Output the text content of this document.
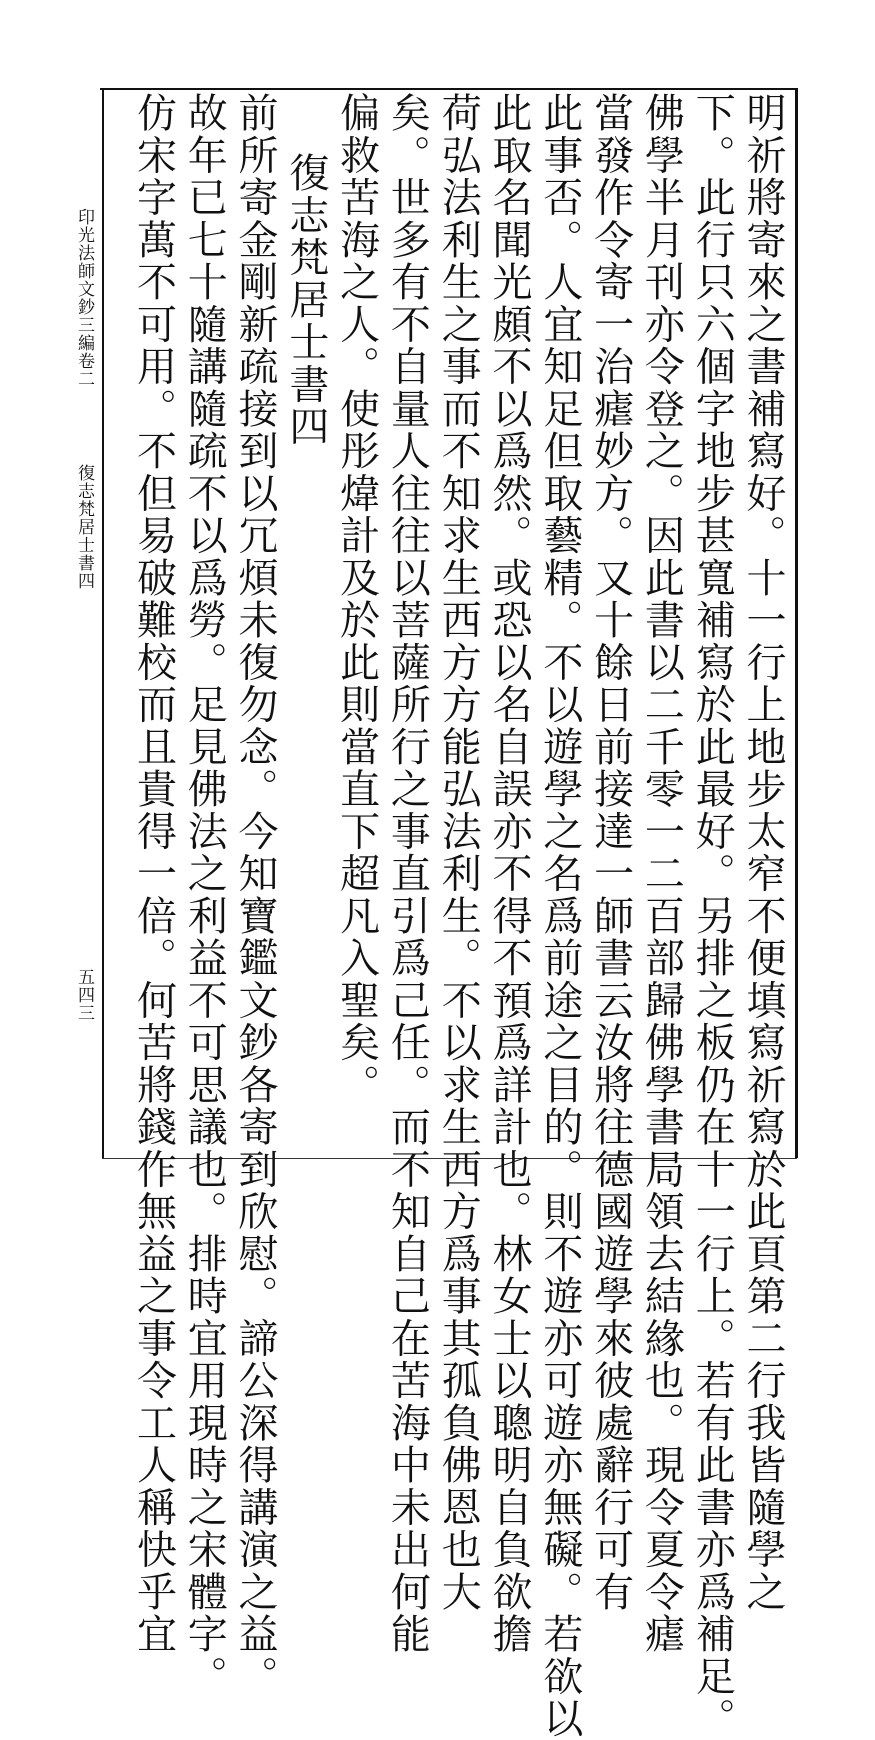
印光法師文鈔三編卷二
復志梵居士書四
五四三	明祈將寄來之書補寫好。十一行上地步太窄不便填寫祈寫於此頁第二行我皆隨學之
下。此行只六個字地步甚寬補寫於此最好。另排之板仍在十一行上。若有此書亦爲補足。
佛學半月刊亦令登之。因此書以二千零一二百部歸佛學書局領去結緣也。現令夏令瘧
當發作令寄一治瘧妙方。又十餘日前接達一師書云汝將往德國遊學來彼處辭行可有
此事否。人宜知足但取藝精。不以遊學之名爲前途之目的。則不遊亦可遊亦無礙。若欲以
此取名聞光頗不以爲然。或恐以名自誤亦不得不預爲詳計也。林女士以聰明自負欲擔
荷弘法利生之事而不知求生西方方能弘法利生。不以求生西方爲事其孤負佛恩也大
矣。世多有不自量人往往以菩薩所行之事直引爲己任。而不知自己在苦海中未出何能
偏救苦海之人。使彤煒計及於此則當直下超凡入聖矣。
復志梵居士書四
前所寄金剛新疏接到以冗煩未復勿念。今知寶鑑文鈔各寄到欣慰。諦公深得講演之益。
故年已七十隨講隨疏不以爲勞。足見佛法之利益不可思議也。排時宜用現時之宋體字。
仿宋字萬不可用。不但易破難校而且貴得一倍。何苦將錢作無益之事令工人稱快乎宜
